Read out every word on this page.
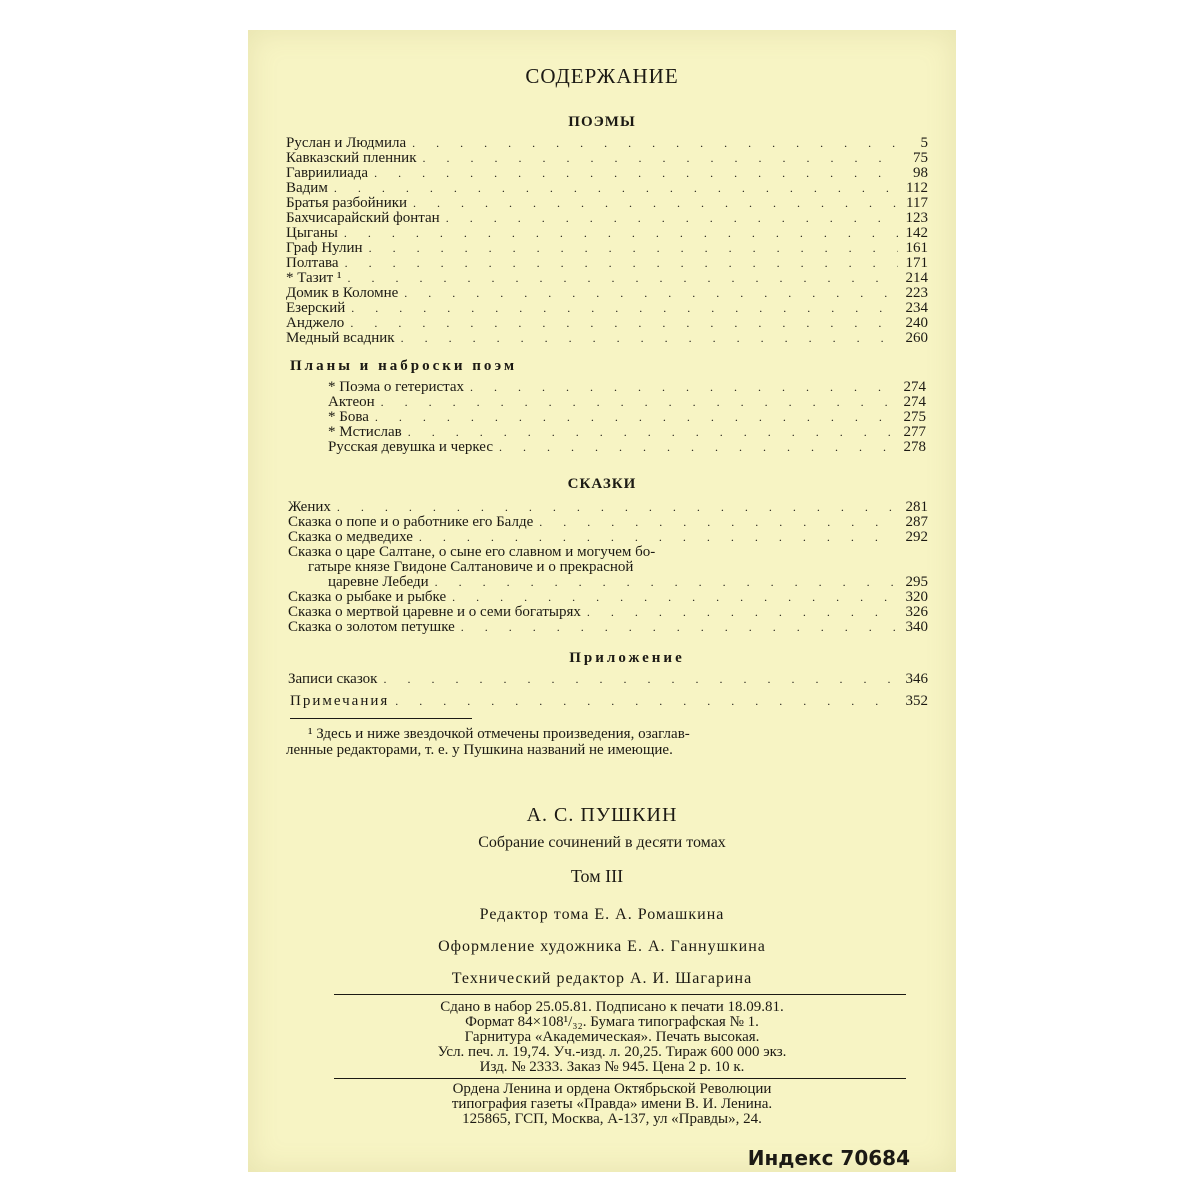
СОДЕРЖАНИЕ
ПОЭМЫ
Руслан и Людмила . . .	5
Кавказский пленник . . .	75
Гавриилиада . . .	98
Вадим . . .	112
Братья разбойники . . .	117
Бахчисарайский фонтан . . .	123
Цыганы . . .	142
Граф Нулин . . .	161
Полтава . . .	171
* Тазит ¹ . . .	214
Домик в Коломне . . .	223
Езерский . . .	234
Анджело . . .	240
Медный всадник . . .	260
Планы и наброски поэм
* Поэма о гетеристах . . .	274
Актеон . . .	274
* Бова . . .	275
* Мстислав . . .	277
Русская девушка и черкес . . .	278
СКАЗКИ
Жених . . .	281
Сказка о попе и о работнике его Балде . . .	287
Сказка о медведихе . . .	292
Сказка о царе Салтане, о сыне его славном и могучем бо-
гатыре князе Гвидоне Салтановиче и о прекрасной
царевне Лебеди . . .	295
Сказка о рыбаке и рыбке . . .	320
Сказка о мертвой царевне и о семи богатырях . . .	326
Сказка о золотом петушке . . .	340
Приложение
Записи сказок . . .	346
Примечания . . .	352
¹ Здесь и ниже звездочкой отмечены произведения, озаглав-
ленные редакторами, т. е. у Пушкина названий не имеющие.
А. С. ПУШКИН
Собрание сочинений в десяти томах
Том III
Редактор тома Е. А. Ромашкина
Оформление художника Е. А. Ганнушкина
Технический редактор А. И. Шагарина
Сдано в набор 25.05.81. Подписано к печати 18.09.81.
Формат 84×108¹/₃₂. Бумага типографская № 1.
Гарнитура «Академическая». Печать высокая.
Усл. печ. л. 19,74. Уч.-изд. л. 20,25. Тираж 600 000 экз.
Изд. № 2333. Заказ № 945. Цена 2 р. 10 к.
Ордена Ленина и ордена Октябрьской Революции
типография газеты «Правда» имени В. И. Ленина.
125865, ГСП, Москва, А-137, ул «Правды», 24.
Индекс 70684
